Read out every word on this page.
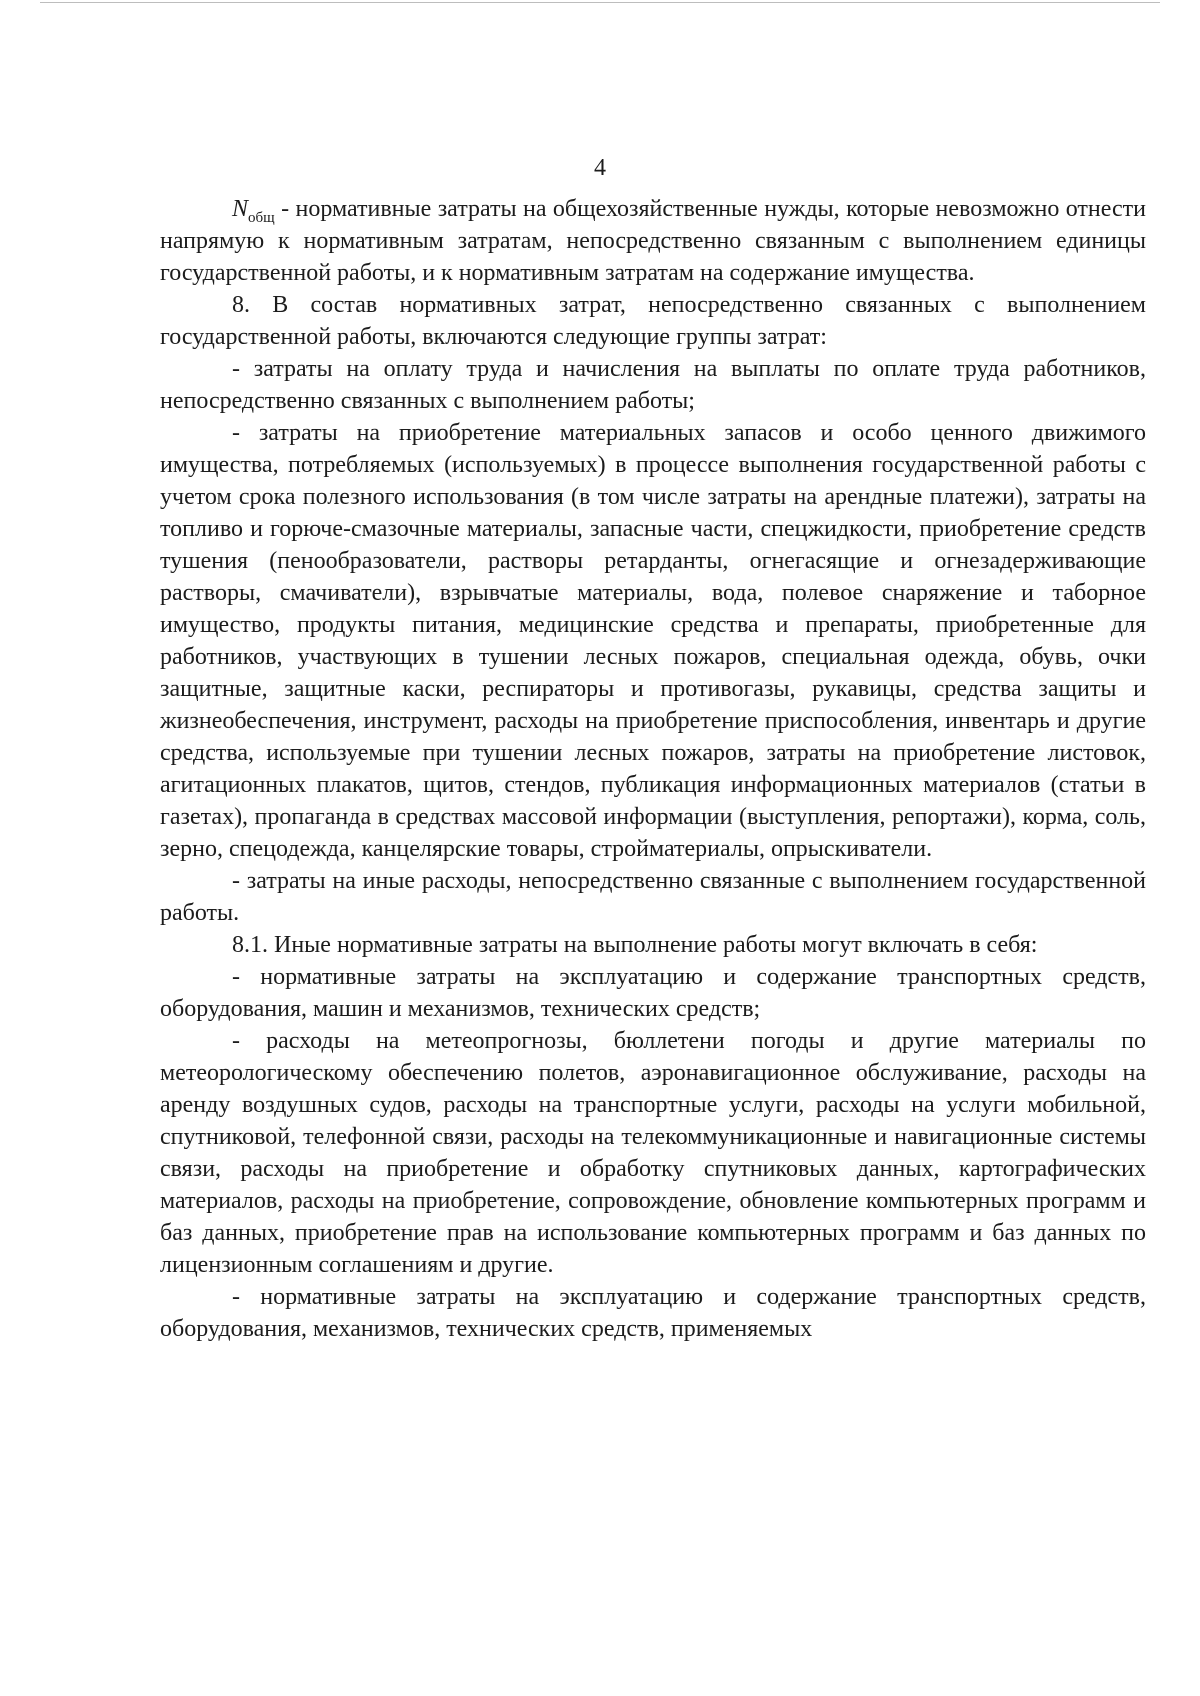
4

$N_{общ}$ - нормативные затраты на общехозяйственные нужды, которые невозможно отнести напрямую к нормативным затратам, непосредственно связанным с выполнением единицы государственной работы, и к нормативным затратам на содержание имущества.

8. В состав нормативных затрат, непосредственно связанных с выполнением государственной работы, включаются следующие группы затрат:

- затраты на оплату труда и начисления на выплаты по оплате труда работников, непосредственно связанных с выполнением работы;

- затраты на приобретение материальных запасов и особо ценного движимого имущества, потребляемых (используемых) в процессе выполнения государственной работы с учетом срока полезного использования (в том числе затраты на арендные платежи), затраты на топливо и горюче-смазочные материалы, запасные части, спецжидкости, приобретение средств тушения (пенообразователи, растворы ретарданты, огнегасящие и огнезадерживающие растворы, смачиватели), взрывчатые материалы, вода, полевое снаряжение и таборное имущество, продукты питания, медицинские средства и препараты, приобретенные для работников, участвующих в тушении лесных пожаров, специальная одежда, обувь, очки защитные, защитные каски, респираторы и противогазы, рукавицы, средства защиты и жизнеобеспечения, инструмент, расходы на приобретение приспособления, инвентарь и другие средства, используемые при тушении лесных пожаров, затраты на приобретение листовок, агитационных плакатов, щитов, стендов, публикация информационных материалов (статьи в газетах), пропаганда в средствах массовой информации (выступления, репортажи), корма, соль, зерно, спецодежда, канцелярские товары, стройматериалы, опрыскиватели.

- затраты на иные расходы, непосредственно связанные с выполнением государственной работы.

8.1. Иные нормативные затраты на выполнение работы могут включать в себя:

- нормативные затраты на эксплуатацию и содержание транспортных средств, оборудования, машин и механизмов, технических средств;

- расходы на метеопрогнозы, бюллетени погоды и другие материалы по метеорологическому обеспечению полетов, аэронавигационное обслуживание, расходы на аренду воздушных судов, расходы на транспортные услуги, расходы на услуги мобильной, спутниковой, телефонной связи, расходы на телекоммуникационные и навигационные системы связи, расходы на приобретение и обработку спутниковых данных, картографических материалов, расходы на приобретение, сопровождение, обновление компьютерных программ и баз данных, приобретение прав на использование компьютерных программ и баз данных по лицензионным соглашениям и другие.

- нормативные затраты на эксплуатацию и содержание транспортных средств, оборудования, механизмов, технических средств, применяемых
